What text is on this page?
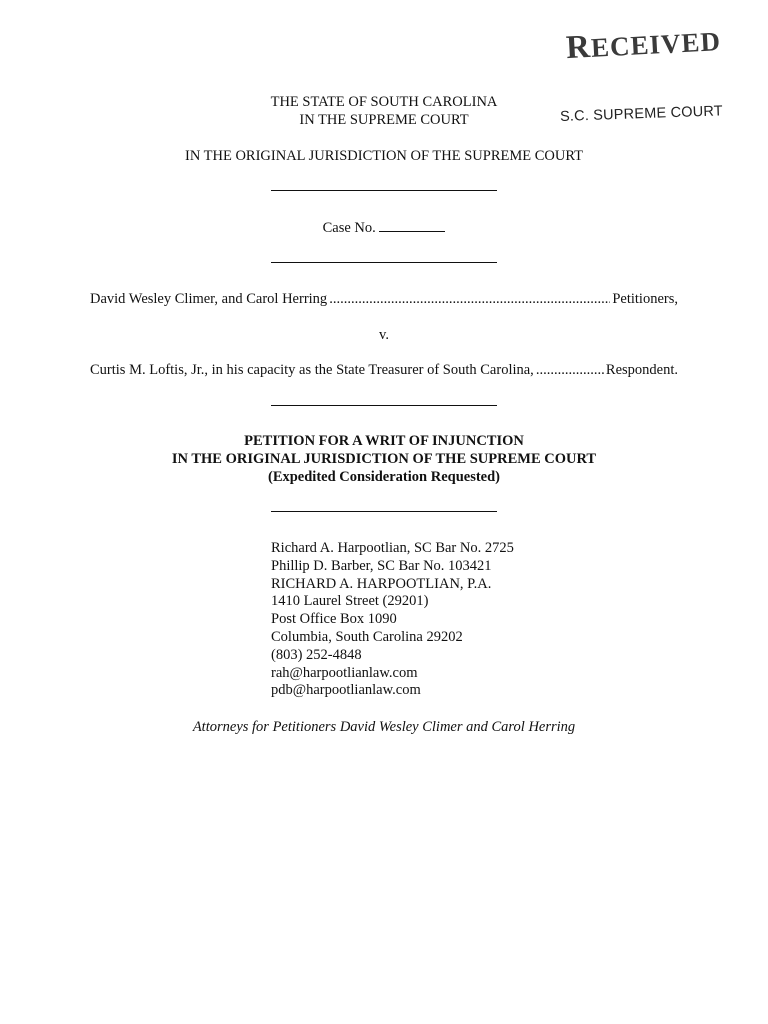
RECEIVED
S.C. SUPREME COURT
THE STATE OF SOUTH CAROLINA
IN THE SUPREME COURT
IN THE ORIGINAL JURISDICTION OF THE SUPREME COURT
Case No.
David Wesley Climer, and Carol Herring .....	Petitioners,
v.
Curtis M. Loftis, Jr., in his capacity as the State Treasurer of South Carolina, .....	Respondent.
PETITION FOR A WRIT OF INJUNCTION
IN THE ORIGINAL JURISDICTION OF THE SUPREME COURT
(Expedited Consideration Requested)
Richard A. Harpootlian, SC Bar No. 2725
Phillip D. Barber, SC Bar No. 103421
RICHARD A. HARPOOTLIAN, P.A.
1410 Laurel Street (29201)
Post Office Box 1090
Columbia, South Carolina 29202
(803) 252-4848
rah@harpootlianlaw.com
pdb@harpootlianlaw.com
Attorneys for Petitioners David Wesley Climer and Carol Herring
